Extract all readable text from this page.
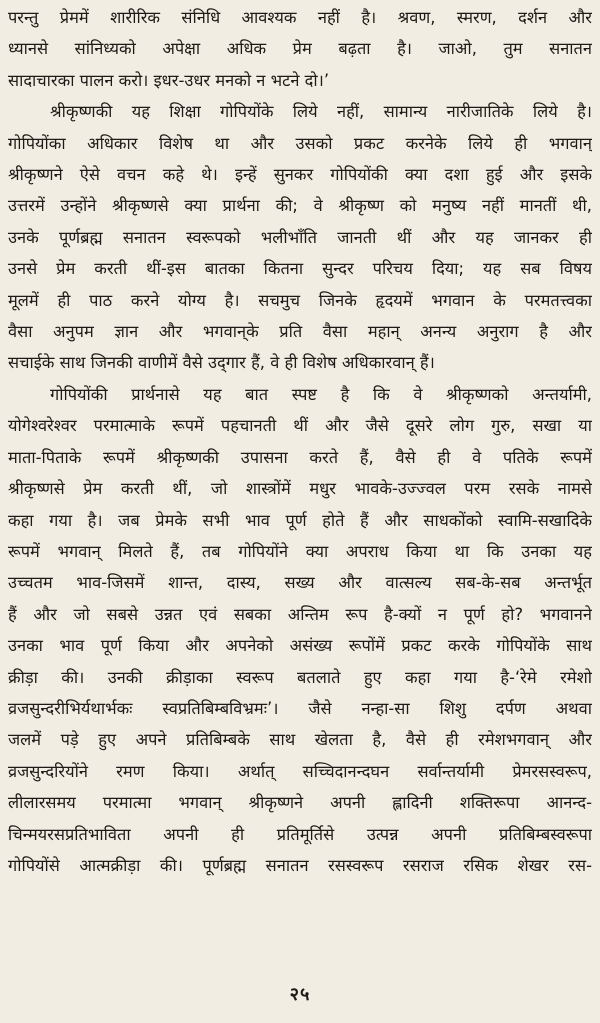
परन्तु प्रेममें शारीरिक संनिधि आवश्यक नहीं है। श्रवण, स्मरण, दर्शन और

ध्यानसे सांनिध्यको अपेक्षा अधिक प्रेम बढ़ता है। जाओ, तुम सनातन

सादाचारका पालन करो। इधर-उधर मनको न भटने दो।’

श्रीकृष्णकी यह शिक्षा गोपियोंके लिये नहीं, सामान्य नारीजातिके लिये है।

गोपियोंका अधिकार विशेष था और उसको प्रकट करनेके लिये ही भगवान्

श्रीकृष्णने ऐसे वचन कहे थे। इन्हें सुनकर गोपियोंकी क्या दशा हुई और इसके

उत्तरमें उन्होंने श्रीकृष्णसे क्या प्रार्थना की; वे श्रीकृष्ण को मनुष्य नहीं मानतीं थी,

उनके पूर्णब्रह्म सनातन स्वरूपको भलीभाँति जानती थीं और यह जानकर ही

उनसे प्रेम करती थीं-इस बातका कितना सुन्दर परिचय दिया; यह सब विषय

मूलमें ही पाठ करने योग्य है। सचमुच जिनके हृदयमें भगवान के परमतत्त्वका

वैसा अनुपम ज्ञान और भगवान्‌के प्रति वैसा महान् अनन्य अनुराग है और

सचाईके साथ जिनकी वाणीमें वैसे उद्‌गार हैं, वे ही विशेष अधिकारवान् हैं।

गोपियोंकी प्रार्थनासे यह बात स्पष्ट है कि वे श्रीकृष्णको अन्तर्यामी,

योगेश्वरेश्वर परमात्माके रूपमें पहचानती थीं और जैसे दूसरे लोग गुरु, सखा या

माता-पिताके रूपमें श्रीकृष्णकी उपासना करते हैं, वैसे ही वे पतिके रूपमें

श्रीकृष्णसे प्रेम करती थीं, जो शास्त्रोंमें मधुर भावके-उज्ज्वल परम रसके नामसे

कहा गया है। जब प्रेमके सभी भाव पूर्ण होते हैं और साधकोंको स्वामि-सखादिके

रूपमें भगवान् मिलते हैं, तब गोपियोंने क्या अपराध किया था कि उनका यह

उच्चतम भाव-जिसमें शान्त, दास्य, सख्य और वात्सल्य सब-के-सब अन्तर्भूत

हैं और जो सबसे उन्नत एवं सबका अन्तिम रूप है-क्यों न पूर्ण हो? भगवानने

उनका भाव पूर्ण किया और अपनेको असंख्य रूपोंमें प्रकट करके गोपियोंके साथ

क्रीड़ा की। उनकी क्रीड़ाका स्वरूप बतलाते हुए कहा गया है-‘रेमे रमेशो

व्रजसुन्दरीभिर्यथार्भकः स्वप्रतिबिम्बविभ्रमः’। जैसे नन्हा-सा शिशु दर्पण अथवा

जलमें पड़े हुए अपने प्रतिबिम्बके साथ खेलता है, वैसे ही रमेशभगवान् और

व्रजसुन्दरियोंने रमण किया। अर्थात् सच्चिदानन्दघन सर्वान्तर्यामी प्रेमरसस्वरूप,

लीलारसमय परमात्मा भगवान् श्रीकृष्णने अपनी ह्लादिनी शक्तिरूपा आनन्द-

चिन्मयरसप्रतिभाविता अपनी ही प्रतिमूर्तिसे उत्पन्न अपनी प्रतिबिम्बस्वरूपा

गोपियोंसे आत्मक्रीड़ा की। पूर्णब्रह्म सनातन रसस्वरूप रसराज रसिक शेखर रस-

२५
